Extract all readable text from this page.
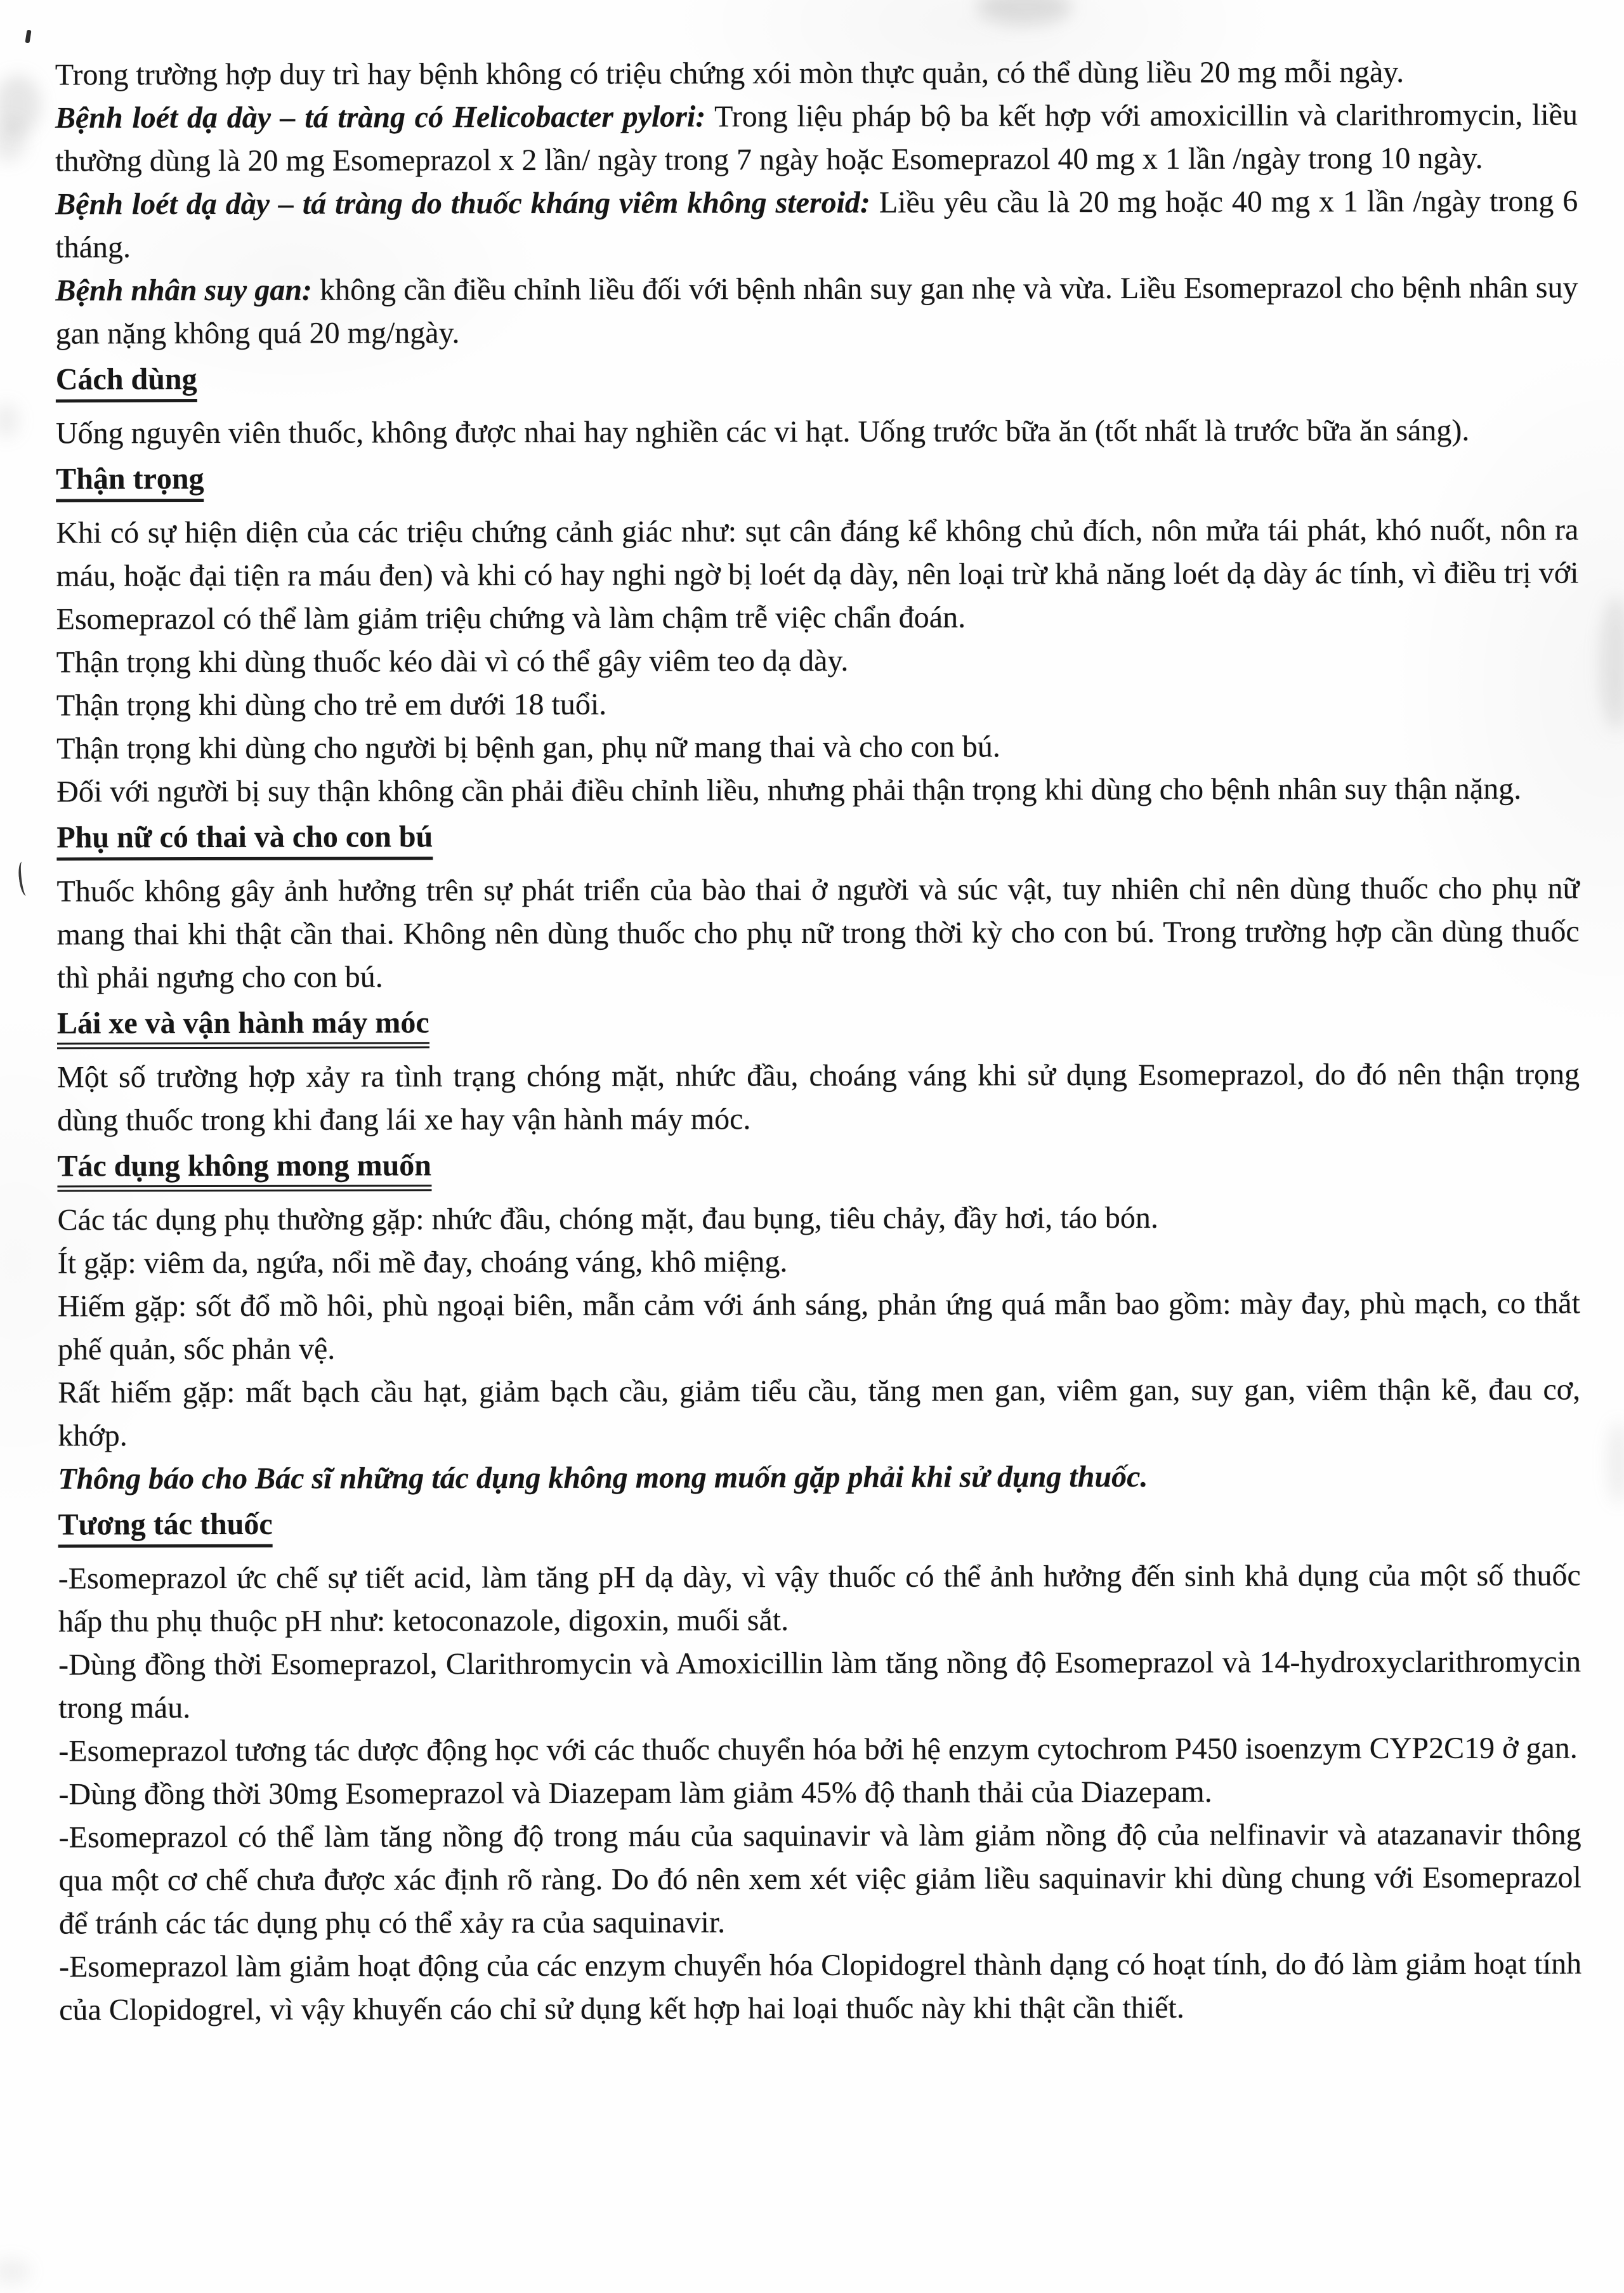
Trong trường hợp duy trì hay bệnh không có triệu chứng xói mòn thực quản, có thể dùng liều 20 mg mỗi ngày.
Bệnh loét dạ dày – tá tràng có Helicobacter pylori: Trong liệu pháp bộ ba kết hợp với amoxicillin và clarithromycin, liều thường dùng là 20 mg Esomeprazol x 2 lần/ ngày trong 7 ngày hoặc Esomeprazol 40 mg x 1 lần /ngày trong 10 ngày.
Bệnh loét dạ dày – tá tràng do thuốc kháng viêm không steroid: Liều yêu cầu là 20 mg hoặc 40 mg x 1 lần /ngày trong 6 tháng.
Bệnh nhân suy gan: không cần điều chỉnh liều đối với bệnh nhân suy gan nhẹ và vừa. Liều Esomeprazol cho bệnh nhân suy gan nặng không quá 20 mg/ngày.
Cách dùng
Uống nguyên viên thuốc, không được nhai hay nghiền các vi hạt. Uống trước bữa ăn (tốt nhất là trước bữa ăn sáng).
Thận trọng
Khi có sự hiện diện của các triệu chứng cảnh giác như: sụt cân đáng kể không chủ đích, nôn mửa tái phát, khó nuốt, nôn ra máu, hoặc đại tiện ra máu đen) và khi có hay nghi ngờ bị loét dạ dày, nên loại trừ khả năng loét dạ dày ác tính, vì điều trị với Esomeprazol có thể làm giảm triệu chứng và làm chậm trễ việc chẩn đoán.
Thận trọng khi dùng thuốc kéo dài vì có thể gây viêm teo dạ dày.
Thận trọng khi dùng cho trẻ em dưới 18 tuổi.
Thận trọng khi dùng cho người bị bệnh gan, phụ nữ mang thai và cho con bú.
Đối với người bị suy thận không cần phải điều chỉnh liều, nhưng phải thận trọng khi dùng cho bệnh nhân suy thận nặng.
Phụ nữ có thai và cho con bú
Thuốc không gây ảnh hưởng trên sự phát triển của bào thai ở người và súc vật, tuy nhiên chỉ nên dùng thuốc cho phụ nữ mang thai khi thật cần thai. Không nên dùng thuốc cho phụ nữ trong thời kỳ cho con bú. Trong trường hợp cần dùng thuốc thì phải ngưng cho con bú.
Lái xe và vận hành máy móc
Một số trường hợp xảy ra tình trạng chóng mặt, nhức đầu, choáng váng khi sử dụng Esomeprazol, do đó nên thận trọng dùng thuốc trong khi đang lái xe hay vận hành máy móc.
Tác dụng không mong muốn
Các tác dụng phụ thường gặp: nhức đầu, chóng mặt, đau bụng, tiêu chảy, đầy hơi, táo bón.
Ít gặp: viêm da, ngứa, nổi mề đay, choáng váng, khô miệng.
Hiếm gặp: sốt đổ mồ hôi, phù ngoại biên, mẫn cảm với ánh sáng, phản ứng quá mẫn bao gồm: mày đay, phù mạch, co thắt phế quản, sốc phản vệ.
Rất hiếm gặp: mất bạch cầu hạt, giảm bạch cầu, giảm tiểu cầu, tăng men gan, viêm gan, suy gan, viêm thận kẽ, đau cơ, khớp.
Thông báo cho Bác sĩ những tác dụng không mong muốn gặp phải khi sử dụng thuốc.
Tương tác thuốc
-Esomeprazol ức chế sự tiết acid, làm tăng pH dạ dày, vì vậy thuốc có thể ảnh hưởng đến sinh khả dụng của một số thuốc hấp thu phụ thuộc pH như: ketoconazole, digoxin, muối sắt.
-Dùng đồng thời Esomeprazol, Clarithromycin và Amoxicillin làm tăng nồng độ Esomeprazol và 14-hydroxyclarithromycin trong máu.
-Esomeprazol tương tác dược động học với các thuốc chuyển hóa bởi hệ enzym cytochrom P450 isoenzym CYP2C19 ở gan.
-Dùng đồng thời 30mg Esomeprazol và Diazepam làm giảm 45% độ thanh thải của Diazepam.
-Esomeprazol có thể làm tăng nồng độ trong máu của saquinavir và làm giảm nồng độ của nelfinavir và atazanavir thông qua một cơ chế chưa được xác định rõ ràng. Do đó nên xem xét việc giảm liều saquinavir khi dùng chung với Esomeprazol để tránh các tác dụng phụ có thể xảy ra của saquinavir.
-Esomeprazol làm giảm hoạt động của các enzym chuyển hóa Clopidogrel thành dạng có hoạt tính, do đó làm giảm hoạt tính của Clopidogrel, vì vậy khuyến cáo chỉ sử dụng kết hợp hai loại thuốc này khi thật cần thiết.
